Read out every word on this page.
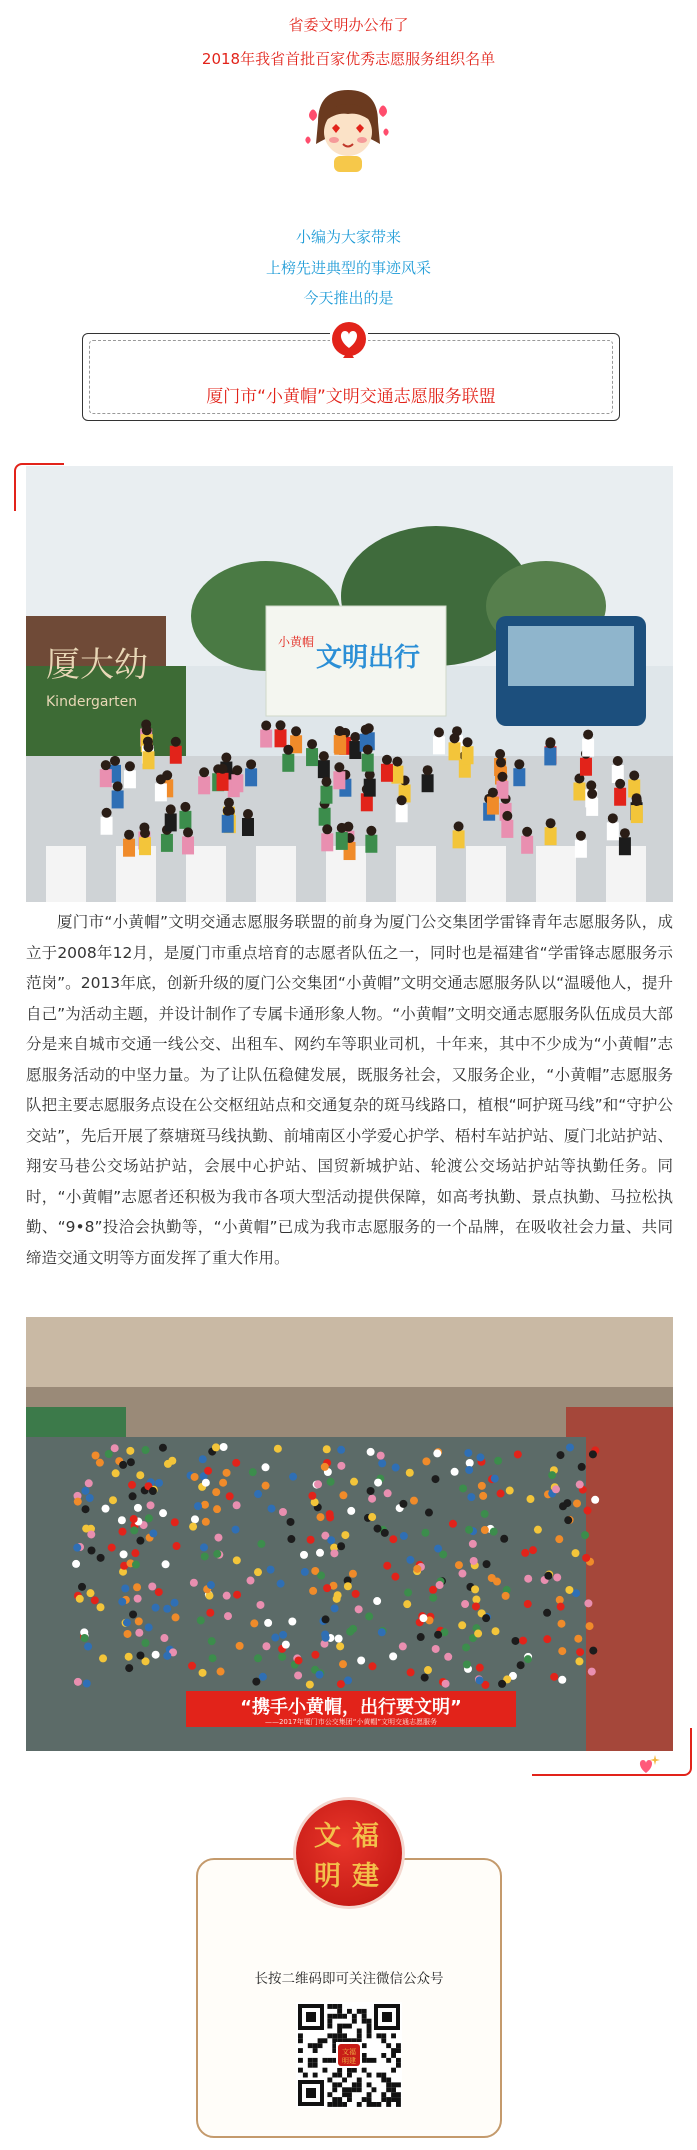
省委文明办公布了
2018年我省首批百家优秀志愿服务组织名单
小编为大家带来
上榜先进典型的事迹风采
今天推出的是
厦门市“小黄帽”文明交通志愿服务联盟
厦大幼
Kindergarten
文明出行
小黄帽

厦门市“小黄帽”文明交通志愿服务联盟的前身为厦门公交集团学雷锋青年志愿服务队，成立于2008年12月，是厦门市重点培育的志愿者队伍之一，同时也是福建省“学雷锋志愿服务示范岗”。2013年底，创新升级的厦门公交集团“小黄帽”文明交通志愿服务队以“温暖他人，提升自己”为活动主题，并设计制作了专属卡通形象人物。“小黄帽”文明交通志愿服务队伍成员大部分是来自城市交通一线公交、出租车、网约车等职业司机，十年来，其中不少成为“小黄帽”志愿服务活动的中坚力量。为了让队伍稳健发展，既服务社会，又服务企业，“小黄帽”志愿服务队把主要志愿服务点设在公交枢纽站点和交通复杂的斑马线路口，植根“呵护斑马线”和“守护公交站”，先后开展了蔡塘斑马线执勤、前埔南区小学爱心护学、梧村车站护站、厦门北站护站、翔安马巷公交场站护站，会展中心护站、国贸新城护站、轮渡公交场站护站等执勤任务。同时，“小黄帽”志愿者还积极为我市各项大型活动提供保障，如高考执勤、景点执勤、马拉松执勤、“9•8”投洽会执勤等，“小黄帽”已成为我市志愿服务的一个品牌，在吸收社会力量、共同缔造交通文明等方面发挥了重大作用。

“携手小黄帽，出行要文明”
——2017年厦门市公交集团“小黄帽”文明交通志愿服务
文 福
明 建
长按二维码即可关注微信公众号
文福
明建
